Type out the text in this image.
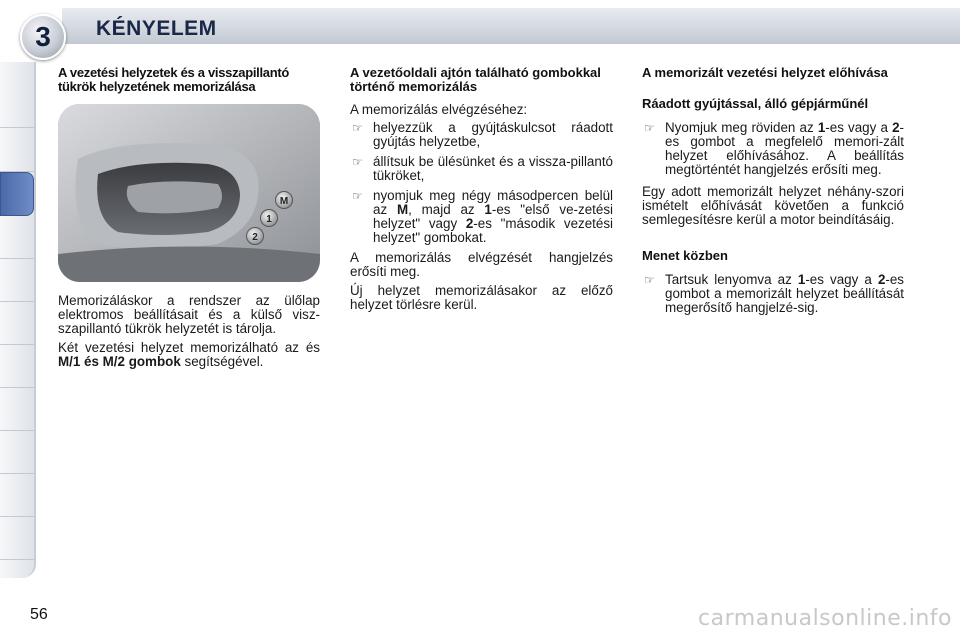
3 KÉNYELEM
A vezetési helyzetek és a visszapillantó tükrök helyzetének memorizálása
M
1
2

Memorizáláskor a rendszer az ülőlap elektromos beállításait és a külső visz-szapillantó tükrök helyzetét is tárolja.

Két vezetési helyzet memorizálható az és M/1 és M/2 gombok segítségével.

A vezetőoldali ajtón található gombokkal történő memorizálás

A memorizálás elvégzéséhez:

☞ helyezzük a gyújtáskulcsot ráadott gyújtás helyzetbe,
☞ állítsuk be ülésünket és a vissza-pillantó tükröket,
☞ nyomjuk meg négy másodpercen belül az M, majd az 1-es "első ve-zetési helyzet" vagy 2-es "második vezetési helyzet" gombokat.

A memorizálás elvégzését hangjelzés erősíti meg.

Új helyzet memorizálásakor az előző helyzet törlésre kerül.

A memorizált vezetési helyzet előhívása
Ráadott gyújtással, álló gépjárműnél
☞ Nyomjuk meg röviden az 1-es vagy a 2-es gombot a megfelelő memori-zált helyzet előhívásához. A beállítás megtörténtét hangjelzés erősíti meg.

Egy adott memorizált helyzet néhány-szori ismételt előhívását követően a funkció semlegesítésre kerül a motor beindításáig.

Menet közben
☞ Tartsuk lenyomva az 1-es vagy a 2-es gombot a memorizált helyzet beállítását megerősítő hangjelzé-sig.
56	carmanualsonline.info
